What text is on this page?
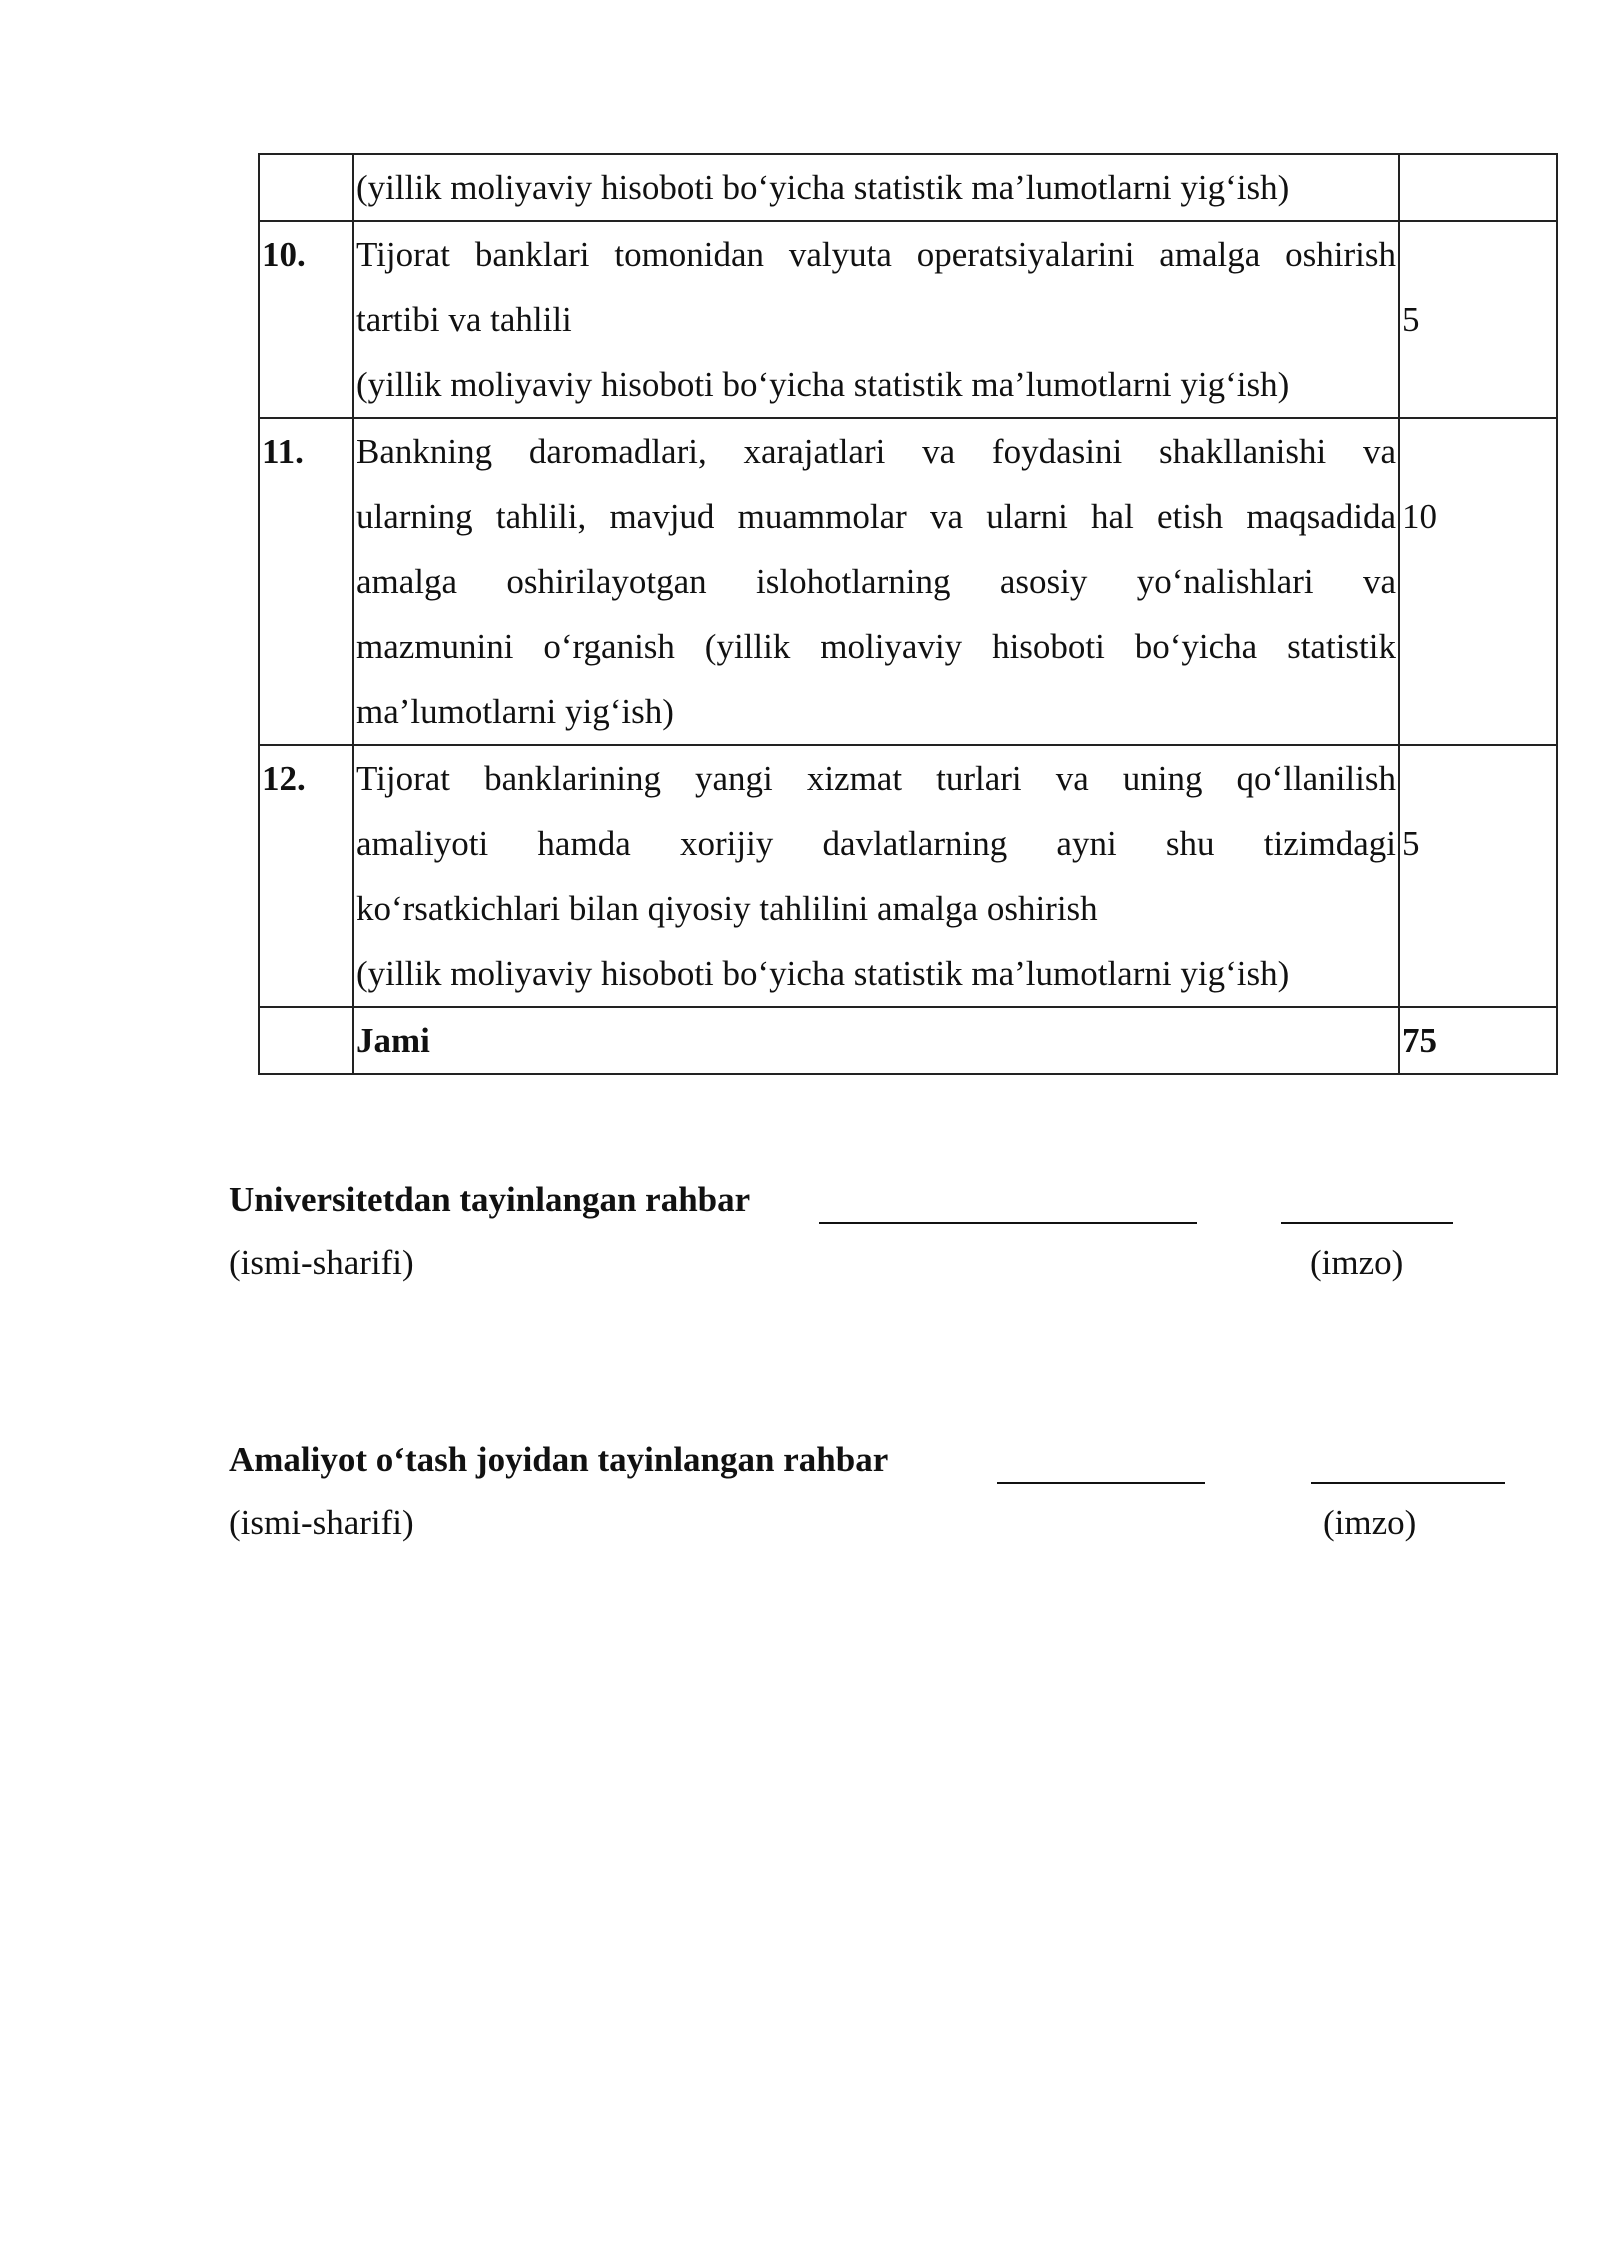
	(yillik moliyaviy hisoboti bo‘yicha statistik ma’lumotlarni yig‘ish)	

10.	Tijorat banklari tomonidan valyuta operatsiyalarini amalga oshirish
tartibi va tahlili
(yillik moliyaviy hisoboti bo‘yicha statistik ma’lumotlarni yig‘ish)	5
11.	Bankning daromadlari, xarajatlari va foydasini shakllanishi va
ularning tahlili, mavjud muammolar va ularni hal etish maqsadida
amalga oshirilayotgan islohotlarning asosiy yo‘nalishlari va
mazmunini o‘rganish (yillik moliyaviy hisoboti bo‘yicha statistik
ma’lumotlarni yig‘ish)	10
12.	Tijorat banklarining yangi xizmat turlari va uning qo‘llanilish
amaliyoti hamda xorijiy davlatlarning ayni shu tizimdagi
ko‘rsatkichlari bilan qiyosiy tahlilini amalga oshirish
(yillik moliyaviy hisoboti bo‘yicha statistik ma’lumotlarni yig‘ish)	5
	Jami	75
Universitetdan tayinlangan rahbar
(ismi-sharifi)	(imzo)
Amaliyot o‘tash joyidan tayinlangan rahbar
(ismi-sharifi)	(imzo)
